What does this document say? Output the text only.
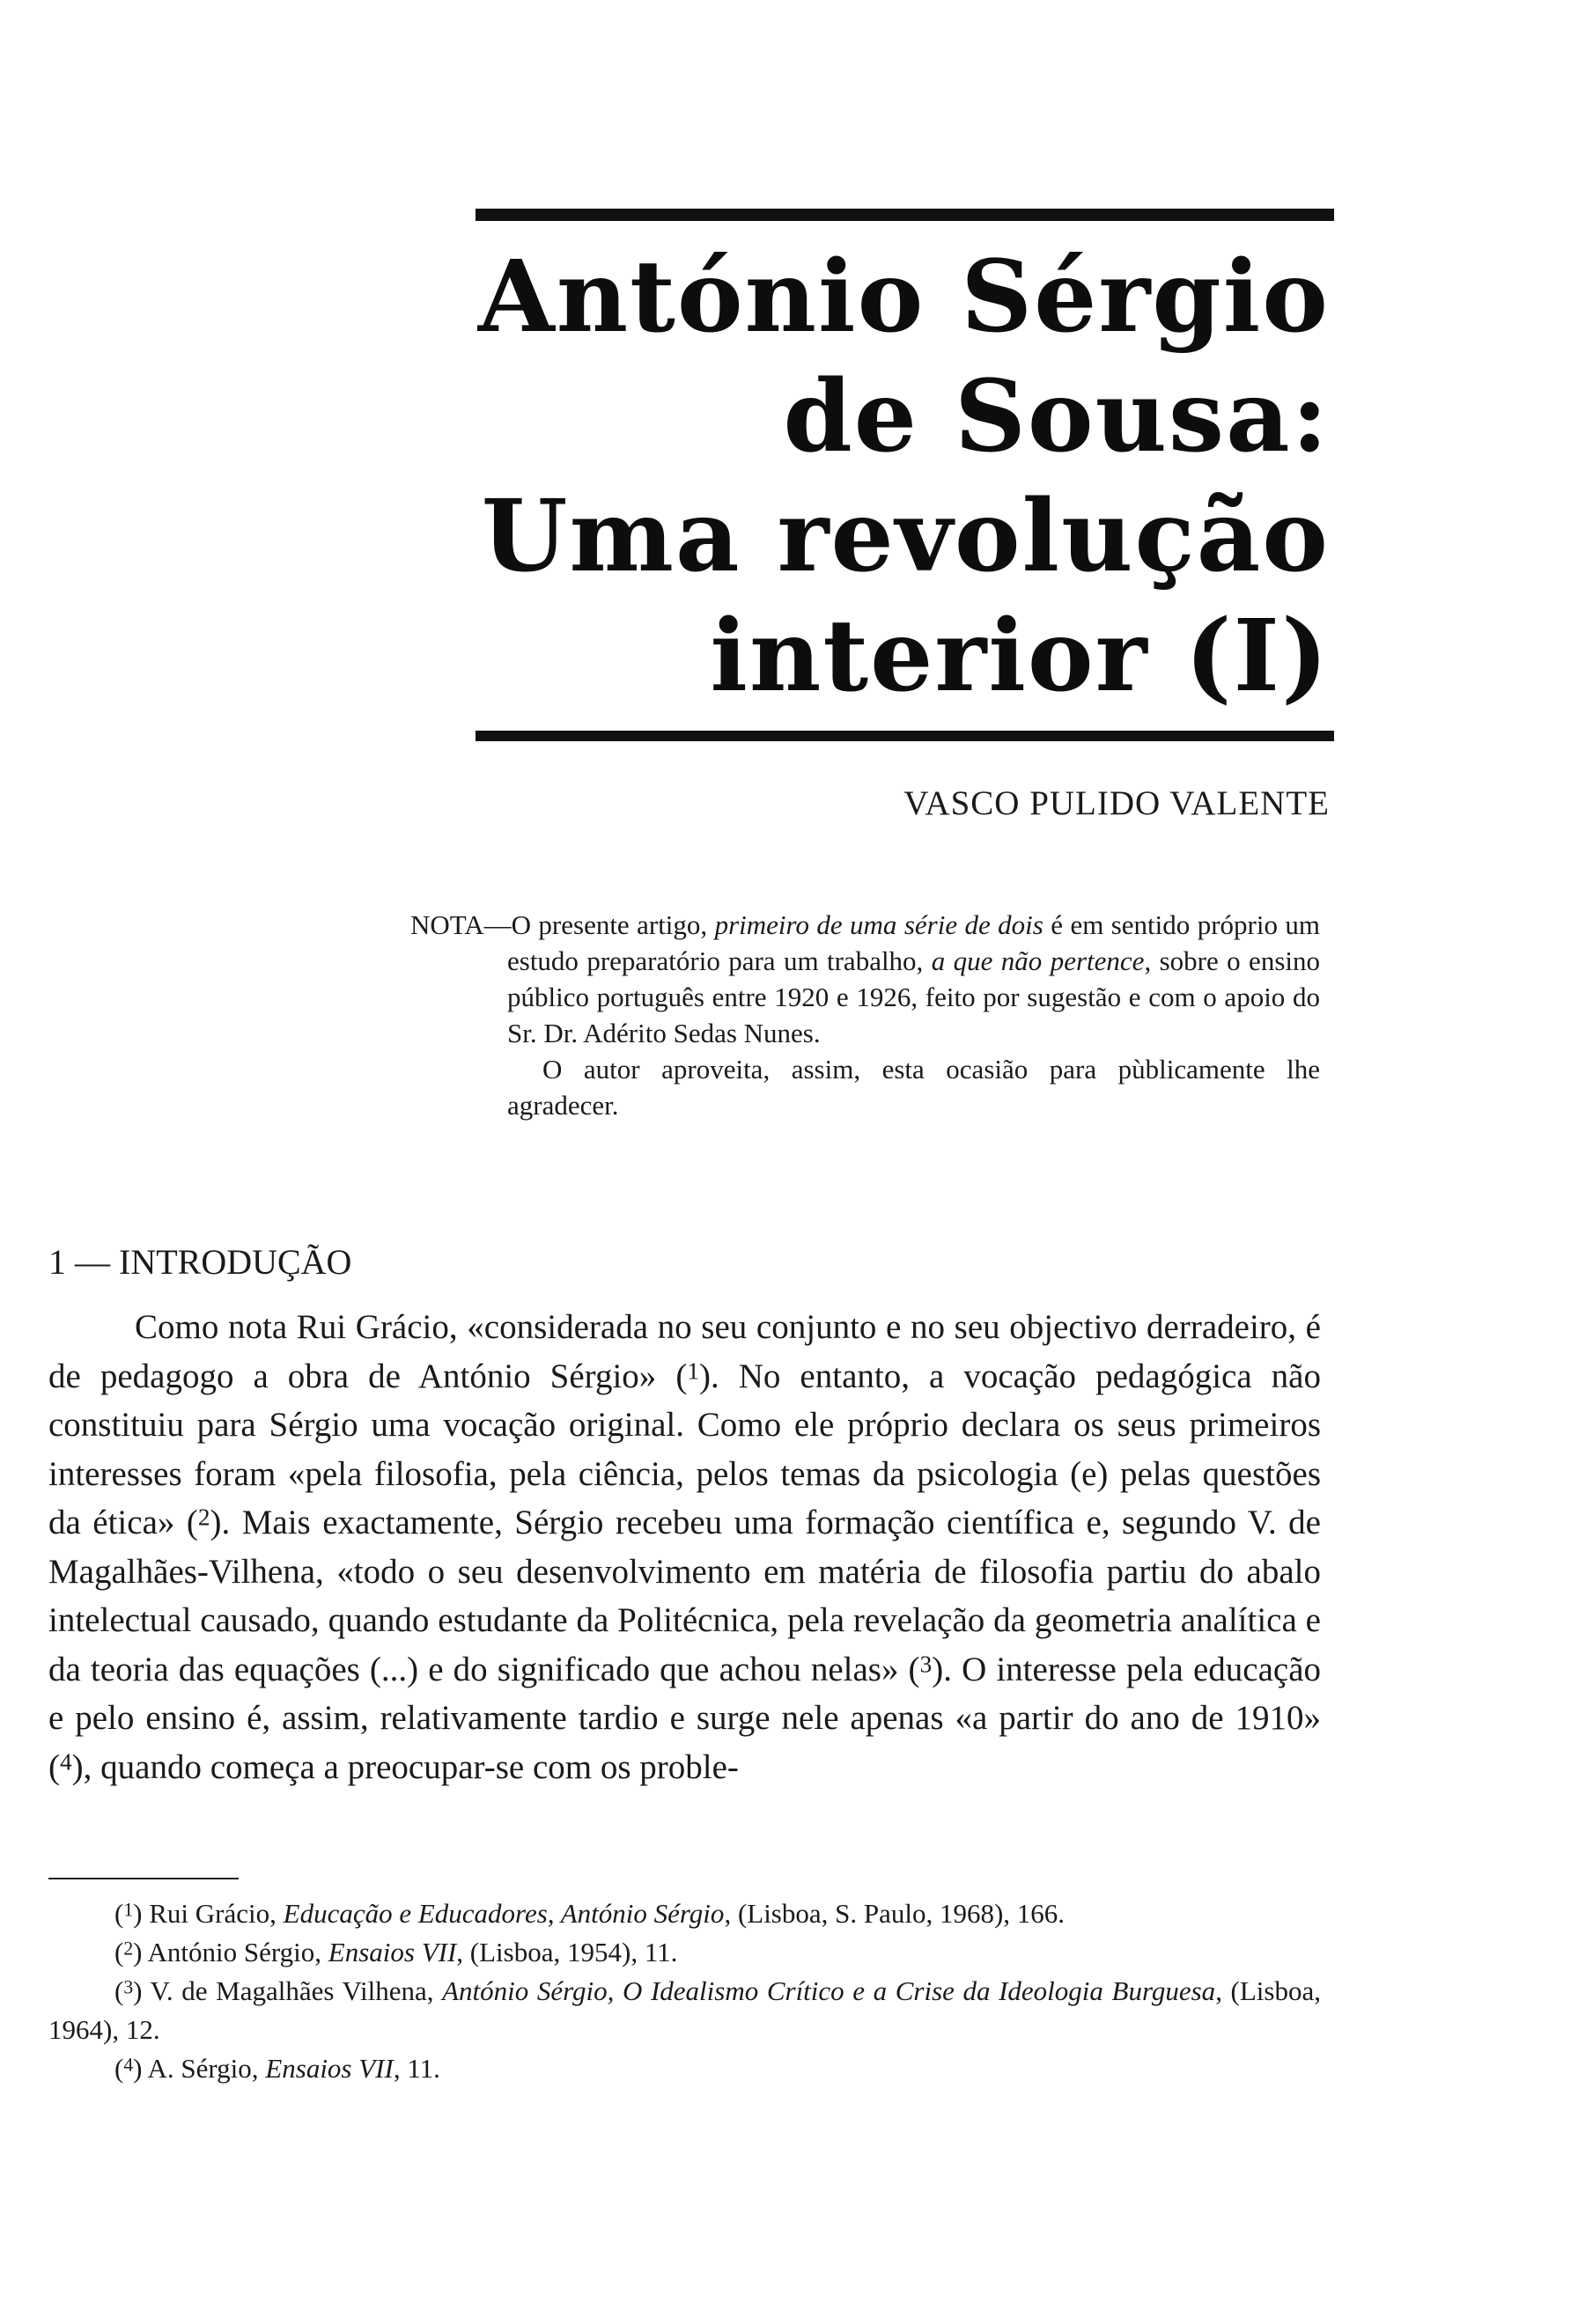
António Sérgio
de Sousa:
Uma revolução
interior (I)
VASCO PULIDO VALENTE

NOTA—O presente artigo, primeiro de uma série de dois é em sentido próprio um estudo preparatório para um trabalho, a que não pertence, sobre o ensino público português entre 1920 e 1926, feito por sugestão e com o apoio do Sr. Dr. Adérito Sedas Nunes.

O autor aproveita, assim, esta ocasião para pùblicamente lhe agradecer.

1 — INTRODUÇÃO

Como nota Rui Grácio, «considerada no seu conjunto e no seu objectivo derradeiro, é de pedagogo a obra de António Sérgio» ($^1$). No entanto, a vocação pedagógica não constituiu para Sérgio uma vocação original. Como ele próprio declara os seus primeiros interesses foram «pela filosofia, pela ciência, pelos temas da psicologia (e) pelas questões da ética» ($^2$). Mais exactamente, Sérgio recebeu uma formação científica e, segundo V. de Magalhães-Vilhena, «todo o seu desenvolvimento em matéria de filosofia partiu do abalo intelectual causado, quando estudante da Politécnica, pela revelação da geometria analítica e da teoria das equações (...) e do significado que achou nelas» ($^3$). O interesse pela educação e pelo ensino é, assim, relativamente tardio e surge nele apenas «a partir do ano de 1910» ($^4$), quando começa a preocupar-se com os proble-

($^1$) Rui Grácio, Educação e Educadores, António Sérgio, (Lisboa, S. Paulo, 1968), 166.

($^2$) António Sérgio, Ensaios VII, (Lisboa, 1954), 11.

($^3$) V. de Magalhães Vilhena, António Sérgio, O Idealismo Crítico e a Crise da Ideologia Burguesa, (Lisboa, 1964), 12.

($^4$) A. Sérgio, Ensaios VII, 11.
